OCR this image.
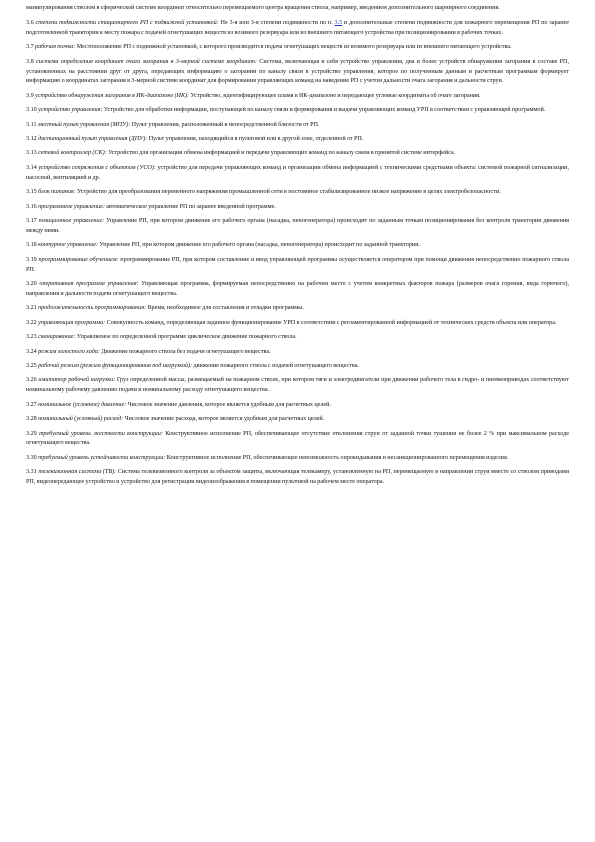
манипулирования стволом в сферической системе координат относительно перемещаемого центра вращения ствола, например, введением дополнительного шарнирного соединения.

3.6 степени подвижности стационарного РП с подвижной установкой: Не 3-я или 3-я степени подвижности по п. 3.5 и дополнительные степени подвижности для пожарного перемещения РП по заранее подготовленной траектории к месту пожара с подачей огнетушащих веществ из возимого резервуара или из внешнего питающего устройства при позиционировании в рабочих точках.

3.7 рабочая точка: Местоположение РП с подвижной установкой, с которого производится подача огнетушащих веществ из возимого резервуара или из внешнего питающего устройства.

3.8 система определения координат очага загорания в 3-мерной системе координат: Система, включающая в себя устройство управления, два и более устройств обнаружения загорания в составе РП, установленных на расстоянии друг от друга, передающих информацию о загорании по каналу связи в устройство управления, которое по полученным данным и расчетным программам формирует информацию о координатах загорания в 3-мерной системе координат для формирования управляющих команд на наведение РП с учетом дальности очага загорания и дальности струи.

3.9 устройство обнаружения загорания в ИК-диапазоне (ИК): Устройство, идентифицирующее пламя в ИК-диапазоне и передающее угловые координаты об очаге загорания.

3.10 устройство управления: Устройство для обработки информации, поступающей по каналу связи и формирования и выдачи управляющих команд УРП в соответствии с управляющей программой.

3.11 местный пульт управления (МПУ): Пульт управления, расположенный в непосредственной близости от РП.

3.12 дистанционный пульт управления (ДПУ): Пульт управления, находящийся в пультовой или в другой зоне, отделенной от РП.

3.13 сетевой контроллер (СК): Устройство для организации обмена информацией и передачи управляющих команд по каналу связи в принятой системе интерфейса.

3.14 устройство сопряжения с объектом (УСО): устройство для передачи управляющих команд и организации обмена информацией с техническими средствами объекта: системой пожарной сигнализации, насосной, вентиляцией и др.

3.15 блок питания: Устройство для преобразования переменного напряжения промышленной сети в постоянное стабилизированное низкое напряжение в целях электробезопасности.

3.16 программное управление: автоматическое управление РП по заранее введенной программе.

3.17 позиционное управление: Управление РП, при котором движение его рабочего органа (насадка, пеногенератора) происходит по заданным точкам позиционирования без контроля траектории движения между ними.

3.18 контурное управление: Управление РП, при котором движение его рабочего органа (насадка, пеногенератора) происходит по заданной траектории.

3.19 программирование обучением: программирование РП, при котором составление и ввод управляющей программы осуществляется оператором при помощи движения непосредственно пожарного ствола РП.

3.20 оперативная программа управления: Управляющая программа, формируемая непосредственно на рабочем месте с учетом конкретных факторов пожара (размеров очага горения, вида горючего), направления и дальности подачи огнетушащего вещества.

3.21 продолжительность программирования: Время, необходимое для составления и отладки программы.

3.22 управляющая программа: Совокупность команд, определяющая заданное функционирование УРП в соответствии с регламентированной информацией от технических средств объекта или оператора.

3.23 сканирование: Управляемое по определенной программе циклическое движение пожарного ствола.

3.24 режим холостого хода: Движение пожарного ствола без подачи огнетушащего вещества.

3.25 рабочий режим (режим функционирования под нагрузкой): движение пожарного ствола с подачей огнетушащего вещества.

3.26 имитатор рабочей нагрузки: Груз определенной массы, размещаемый на пожарном стволе, при котором тяги и электродвигатели при движении рабочего тела в гидро- и пневмоприводах соответствуют номинальному рабочему давлению подачи и номинальному расходу огнетушащего вещества.

3.27 номинальное (условное) давление: Числовое значение давления, которое является удобным для расчетных целей.

3.28 номинальный (условный) расход: Числовое значение расхода, которое является удобным для расчетных целей.

3.29 требуемый уровень жесткости конструкции: Конструктивное исполнение РП, обеспечивающее отсутствие отклонения струи от заданной точки тушения не более 2 % при максимальном расходе огнетушащего вещества.

3.30 требуемый уровень устойчивости конструкции: Конструктивное исполнение РП, обеспечивающее невозможность опрокидывания и несанкционированного перемещения изделия.

3.31 телевизионная система (ТВ): Система телевизионного контроля за объектом защиты, включающая телекамеру, установленную на РП, перемещаемую в направлении струи вместе со стволом приводами РП, видеопередающее устройство и устройство для регистрации видеоизображения в помещении пультовой на рабочем месте оператора.
